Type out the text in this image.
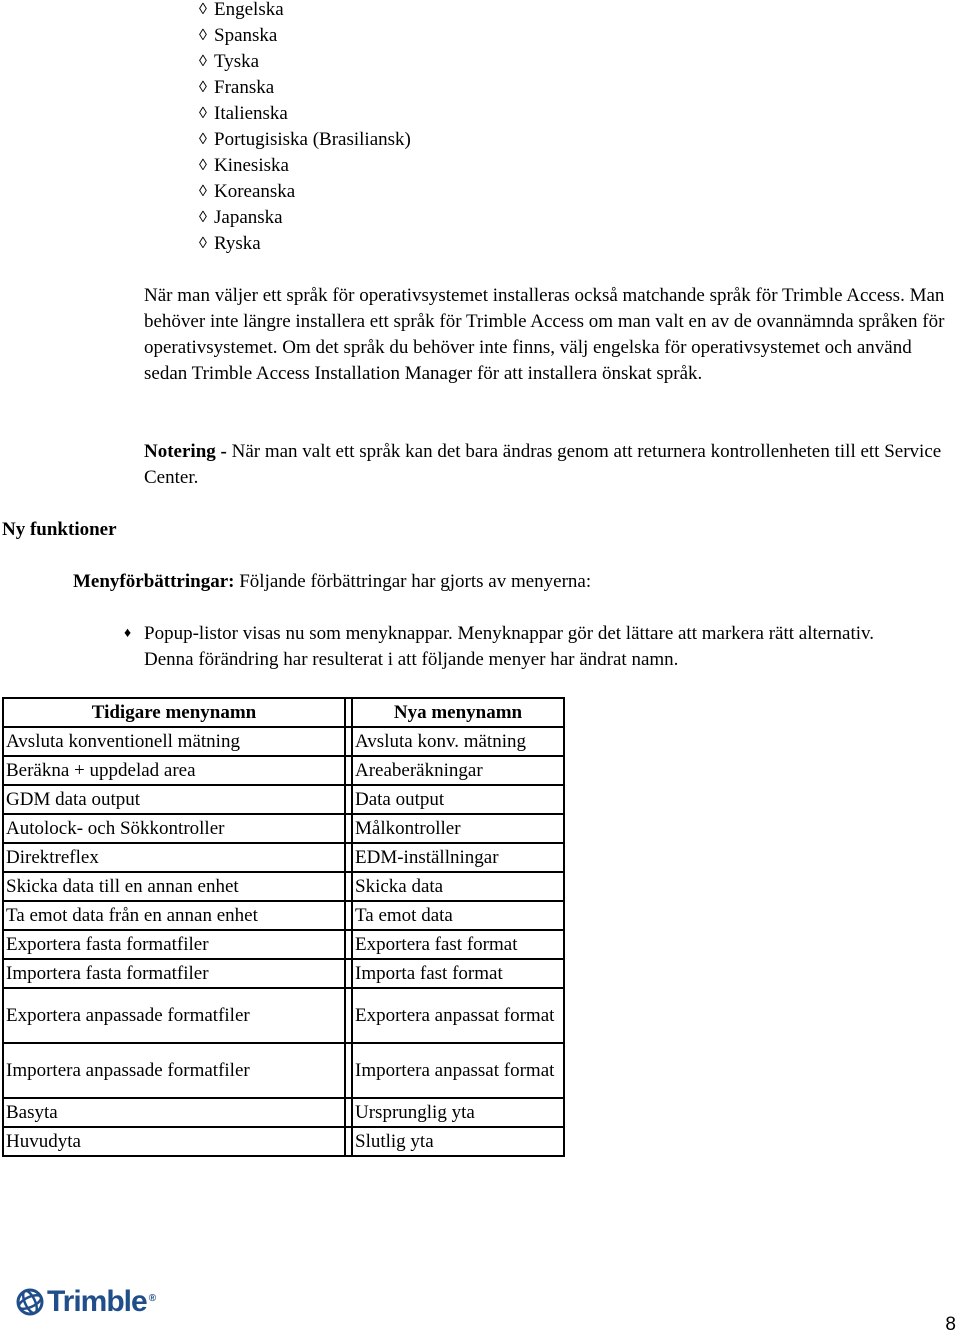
◊ Engelska
◊ Spanska
◊ Tyska
◊ Franska
◊ Italienska
◊ Portugisiska (Brasiliansk)
◊ Kinesiska
◊ Koreanska
◊ Japanska
◊ Ryska

När man väljer ett språk för operativsystemet installeras också matchande språk för Trimble Access. Man behöver inte längre installera ett språk för Trimble Access om man valt en av de ovannämnda språken för operativsystemet. Om det språk du behöver inte finns, välj engelska för operativsystemet och använd sedan Trimble Access Installation Manager för att installera önskat språk.

Notering - När man valt ett språk kan det bara ändras genom att returnera kontrollenheten till ett Service Center.

Ny funktioner

Menyförbättringar: Följande förbättringar har gjorts av menyerna:

♦ Popup-listor visas nu som menyknappar. Menyknappar gör det lättare att markera rätt alternativ. Denna förändring har resulterat i att följande menyer har ändrat namn.

Tidigare menynamn		Nya menynamn
Avsluta konventionell mätning		Avsluta konv. mätning
Beräkna + uppdelad area		Areaberäkningar
GDM data output		Data output
Autolock- och Sökkontroller		Målkontroller
Direktreflex		EDM-inställningar
Skicka data till en annan enhet		Skicka data
Ta emot data från en annan enhet		Ta emot data
Exportera fasta formatfiler		Exportera fast format
Importera fasta formatfiler		Importa fast format
Exportera anpassade formatfiler		Exportera anpassat format
Importera anpassade formatfiler		Importera anpassat format
Basyta		Ursprunglig yta
Huvudyta		Slutlig yta
Trimble ®
8
